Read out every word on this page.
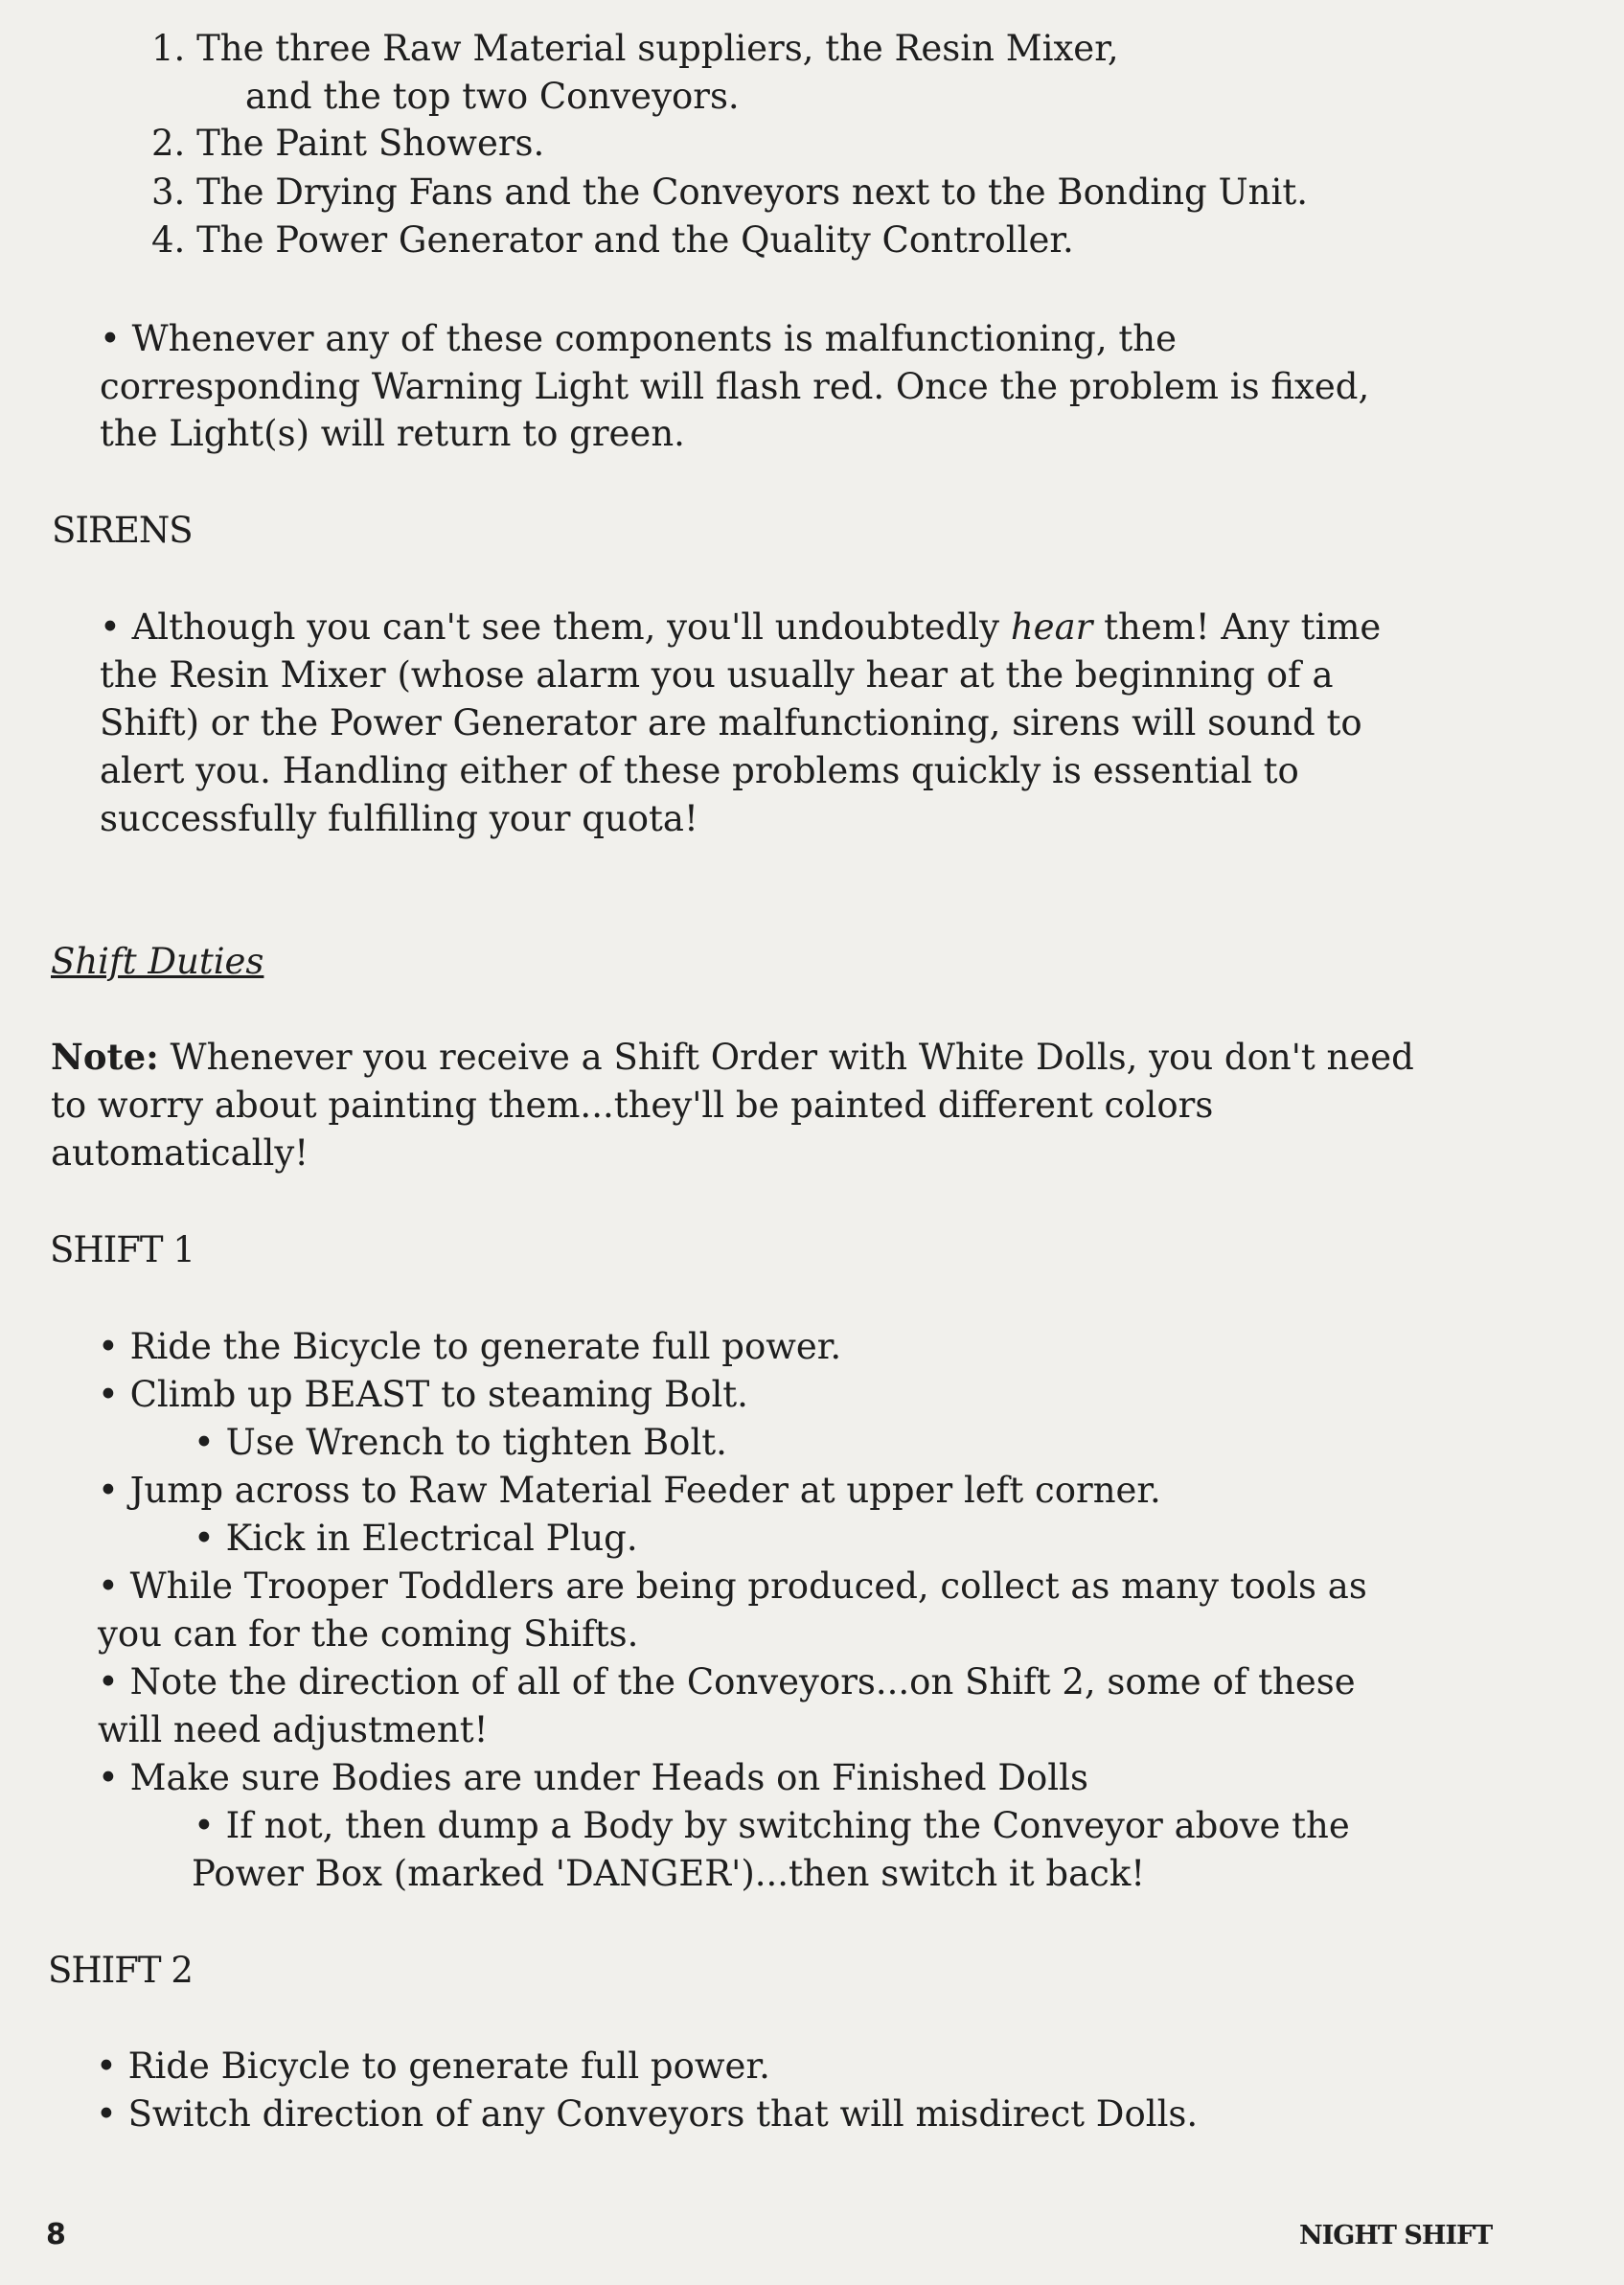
1. The three Raw Material suppliers, the Resin Mixer,
and the top two Conveyors.
2. The Paint Showers.
3. The Drying Fans and the Conveyors next to the Bonding Unit.
4. The Power Generator and the Quality Controller.
• Whenever any of these components is malfunctioning, the
corresponding Warning Light will flash red. Once the problem is fixed,
the Light(s) will return to green.
SIRENS
• Although you can't see them, you'll undoubtedly hear them! Any time
the Resin Mixer (whose alarm you usually hear at the beginning of a
Shift) or the Power Generator are malfunctioning, sirens will sound to
alert you. Handling either of these problems quickly is essential to
successfully fulfilling your quota!
Shift Duties
Note: Whenever you receive a Shift Order with White Dolls, you don't need
to worry about painting them...they'll be painted different colors
automatically!
SHIFT 1
• Ride the Bicycle to generate full power.
• Climb up BEAST to steaming Bolt.
• Use Wrench to tighten Bolt.
• Jump across to Raw Material Feeder at upper left corner.
• Kick in Electrical Plug.
• While Trooper Toddlers are being produced, collect as many tools as
you can for the coming Shifts.
• Note the direction of all of the Conveyors...on Shift 2, some of these
will need adjustment!
• Make sure Bodies are under Heads on Finished Dolls
• If not, then dump a Body by switching the Conveyor above the
Power Box (marked 'DANGER')...then switch it back!
SHIFT 2
• Ride Bicycle to generate full power.
• Switch direction of any Conveyors that will misdirect Dolls.
8	NIGHT SHIFT
